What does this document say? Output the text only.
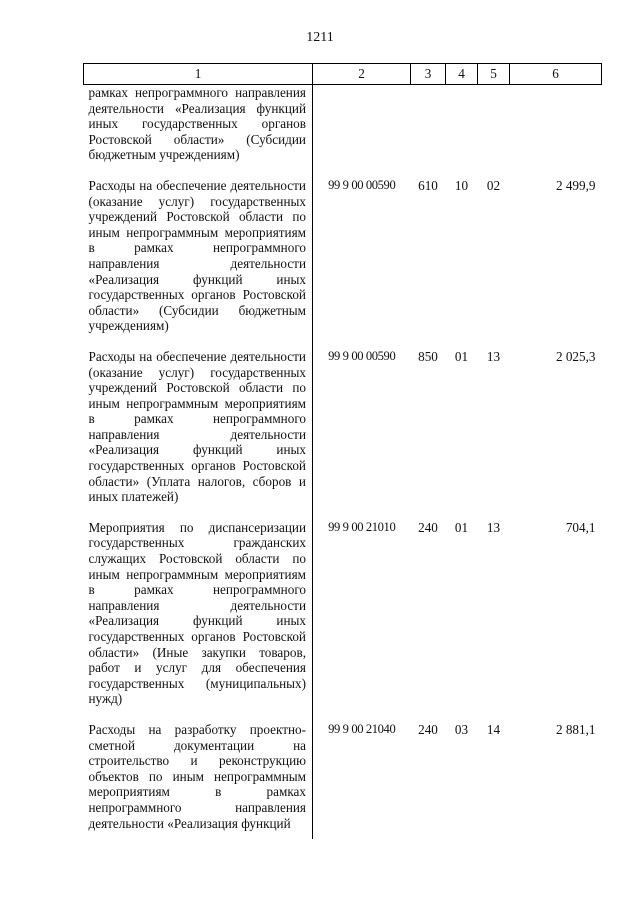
1211
1	2	3	4	5	6
рамках непрограммного направления деятельности «Реализация функций иных государственных органов Ростовской области» (Субсидии бюджетным учреждениям)					
Расходы на обеспечение деятельности (оказание услуг) государственных учреждений Ростовской области по иным непрограммным мероприятиям в рамках непрограммного направления деятельности «Реализация функций иных государственных органов Ростовской области» (Субсидии бюджетным учреждениям)	99 9 00 00590	610	10	02	2 499,9
Расходы на обеспечение деятельности (оказание услуг) государственных учреждений Ростовской области по иным непрограммным мероприятиям в рамках непрограммного направления деятельности «Реализация функций иных государственных органов Ростовской области» (Уплата налогов, сборов и иных платежей)	99 9 00 00590	850	01	13	2 025,3
Мероприятия по диспансеризации государственных гражданских служащих Ростовской области по иным непрограммным мероприятиям в рамках непрограммного направления деятельности «Реализация функций иных государственных органов Ростовской области» (Иные закупки товаров, работ и услуг для обеспечения государственных (муниципальных) нужд)	99 9 00 21010	240	01	13	704,1
Расходы на разработку проектно-сметной документации на строительство и реконструкцию объектов по иным непрограммным мероприятиям в рамках непрограммного направления деятельности «Реализация функций	99 9 00 21040	240	03	14	2 881,1
